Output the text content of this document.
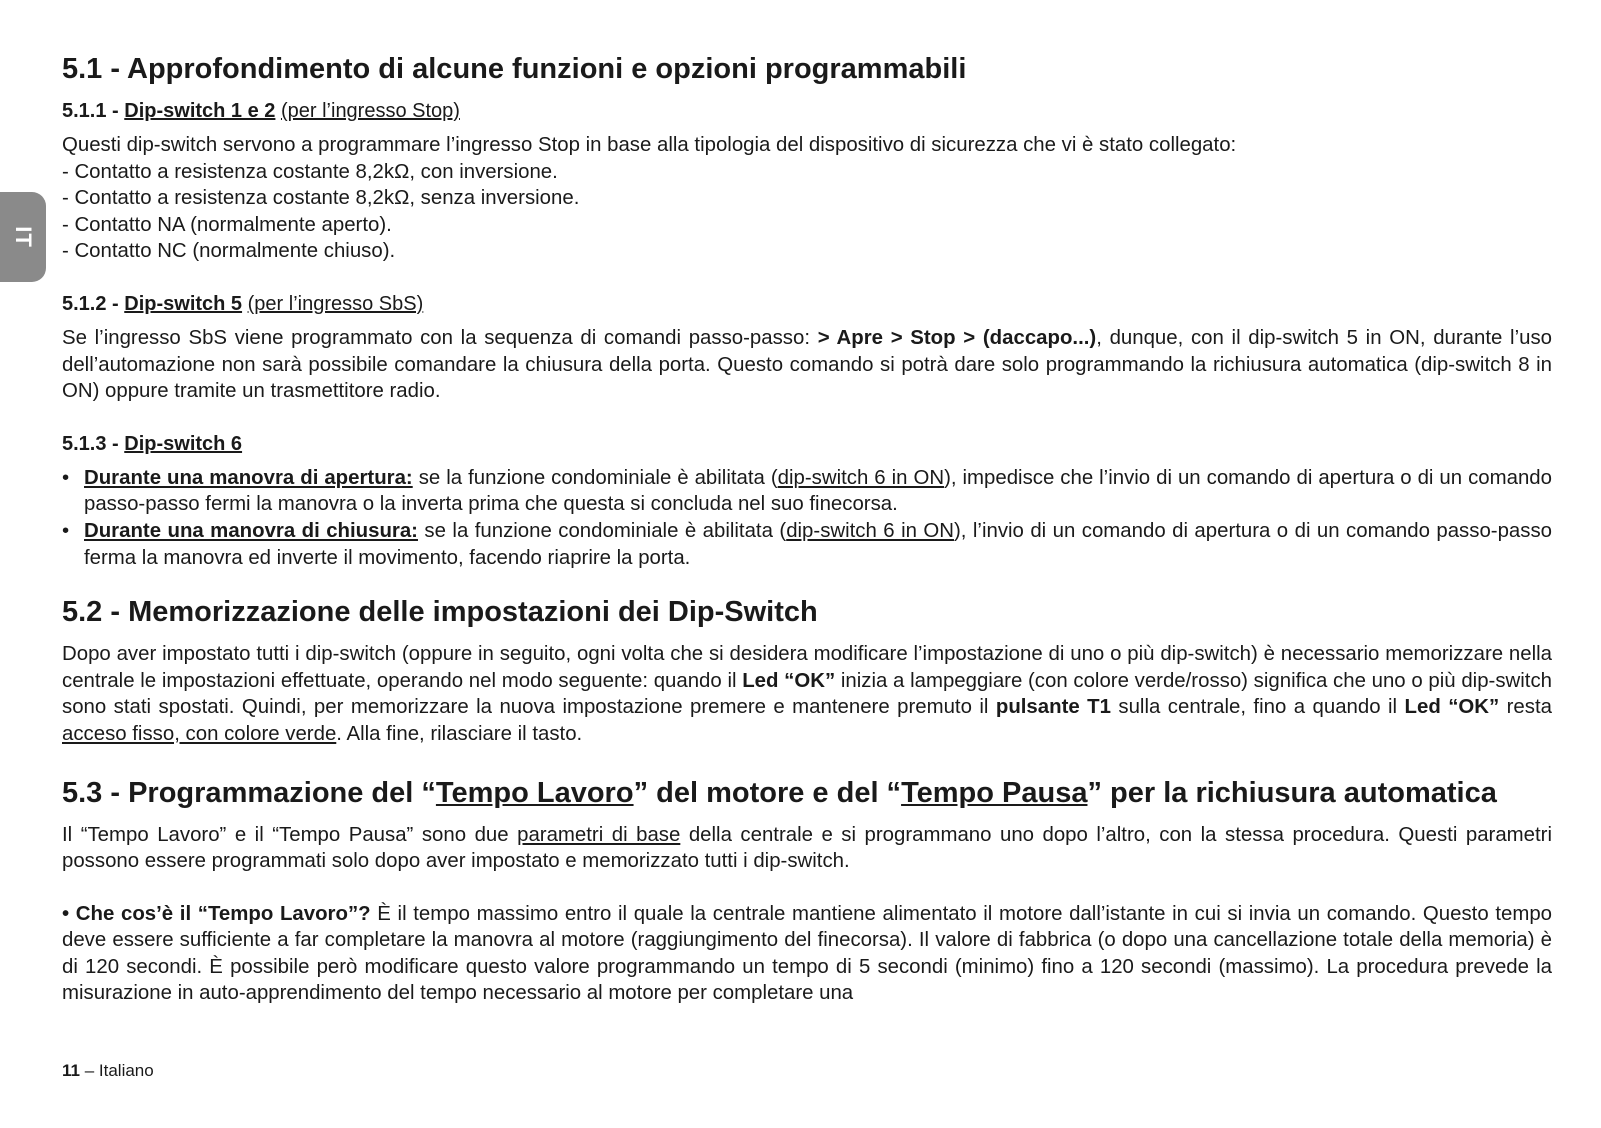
IT
5.1 - Approfondimento di alcune funzioni e opzioni programmabili
5.1.1 - Dip-switch 1 e 2 (per l’ingresso Stop)

Questi dip-switch servono a programmare l’ingresso Stop in base alla tipologia del dispositivo di sicurezza che vi è stato collegato:

- Contatto a resistenza costante 8,2kΩ, con inversione.

- Contatto a resistenza costante 8,2kΩ, senza inversione.

- Contatto NA (normalmente aperto).

- Contatto NC (normalmente chiuso).

5.1.2 - Dip-switch 5 (per l’ingresso SbS)

Se l’ingresso SbS viene programmato con la sequenza di comandi passo-passo: > Apre > Stop > (daccapo...), dunque, con il dip-switch 5 in ON, durante l’uso dell’automazione non sarà possibile comandare la chiusura della porta. Questo comando si potrà dare solo programmando la richiusura automatica (dip-switch 8 in ON) oppure tramite un trasmettitore radio.

5.1.3 - Dip-switch 6
• Durante una manovra di apertura: se la funzione condominiale è abilitata (dip-switch 6 in ON), impedisce che l’invio di un comando di apertura o di un comando passo-passo fermi la manovra o la inverta prima che questa si concluda nel suo finecorsa.
• Durante una manovra di chiusura: se la funzione condominiale è abilitata (dip-switch 6 in ON), l’invio di un comando di apertura o di un comando passo-passo ferma la manovra ed inverte il movimento, facendo riaprire la porta.
5.2 - Memorizzazione delle impostazioni dei Dip-Switch

Dopo aver impostato tutti i dip-switch (oppure in seguito, ogni volta che si desidera modificare l’impostazione di uno o più dip-switch) è necessario memorizzare nella centrale le impostazioni effettuate, operando nel modo seguente: quando il Led “OK” inizia a lampeggiare (con colore verde/rosso) significa che uno o più dip-switch sono stati spostati. Quindi, per memorizzare la nuova impostazione premere e mantenere premuto il pulsante T1 sulla centrale, fino a quando il Led “OK” resta acceso fisso, con colore verde. Alla fine, rilasciare il tasto.

5.3 - Programmazione del “Tempo Lavoro” del motore e del “Tempo Pausa” per la richiusura automatica

Il “Tempo Lavoro” e il “Tempo Pausa” sono due parametri di base della centrale e si programmano uno dopo l’altro, con la stessa procedura. Questi parametri possono essere programmati solo dopo aver impostato e memorizzato tutti i dip-switch.

• Che cos’è il “Tempo Lavoro”? È il tempo massimo entro il quale la centrale mantiene alimentato il motore dall’istante in cui si invia un comando. Questo tempo deve essere sufficiente a far completare la manovra al motore (raggiungimento del finecorsa). Il valore di fabbrica (o dopo una cancellazione totale della memoria) è di 120 secondi. È possibile però modificare questo valore programmando un tempo di 5 secondi (minimo) fino a 120 secondi (massimo). La procedura prevede la misurazione in auto-apprendimento del tempo necessario al motore per completare una

11 – Italiano
